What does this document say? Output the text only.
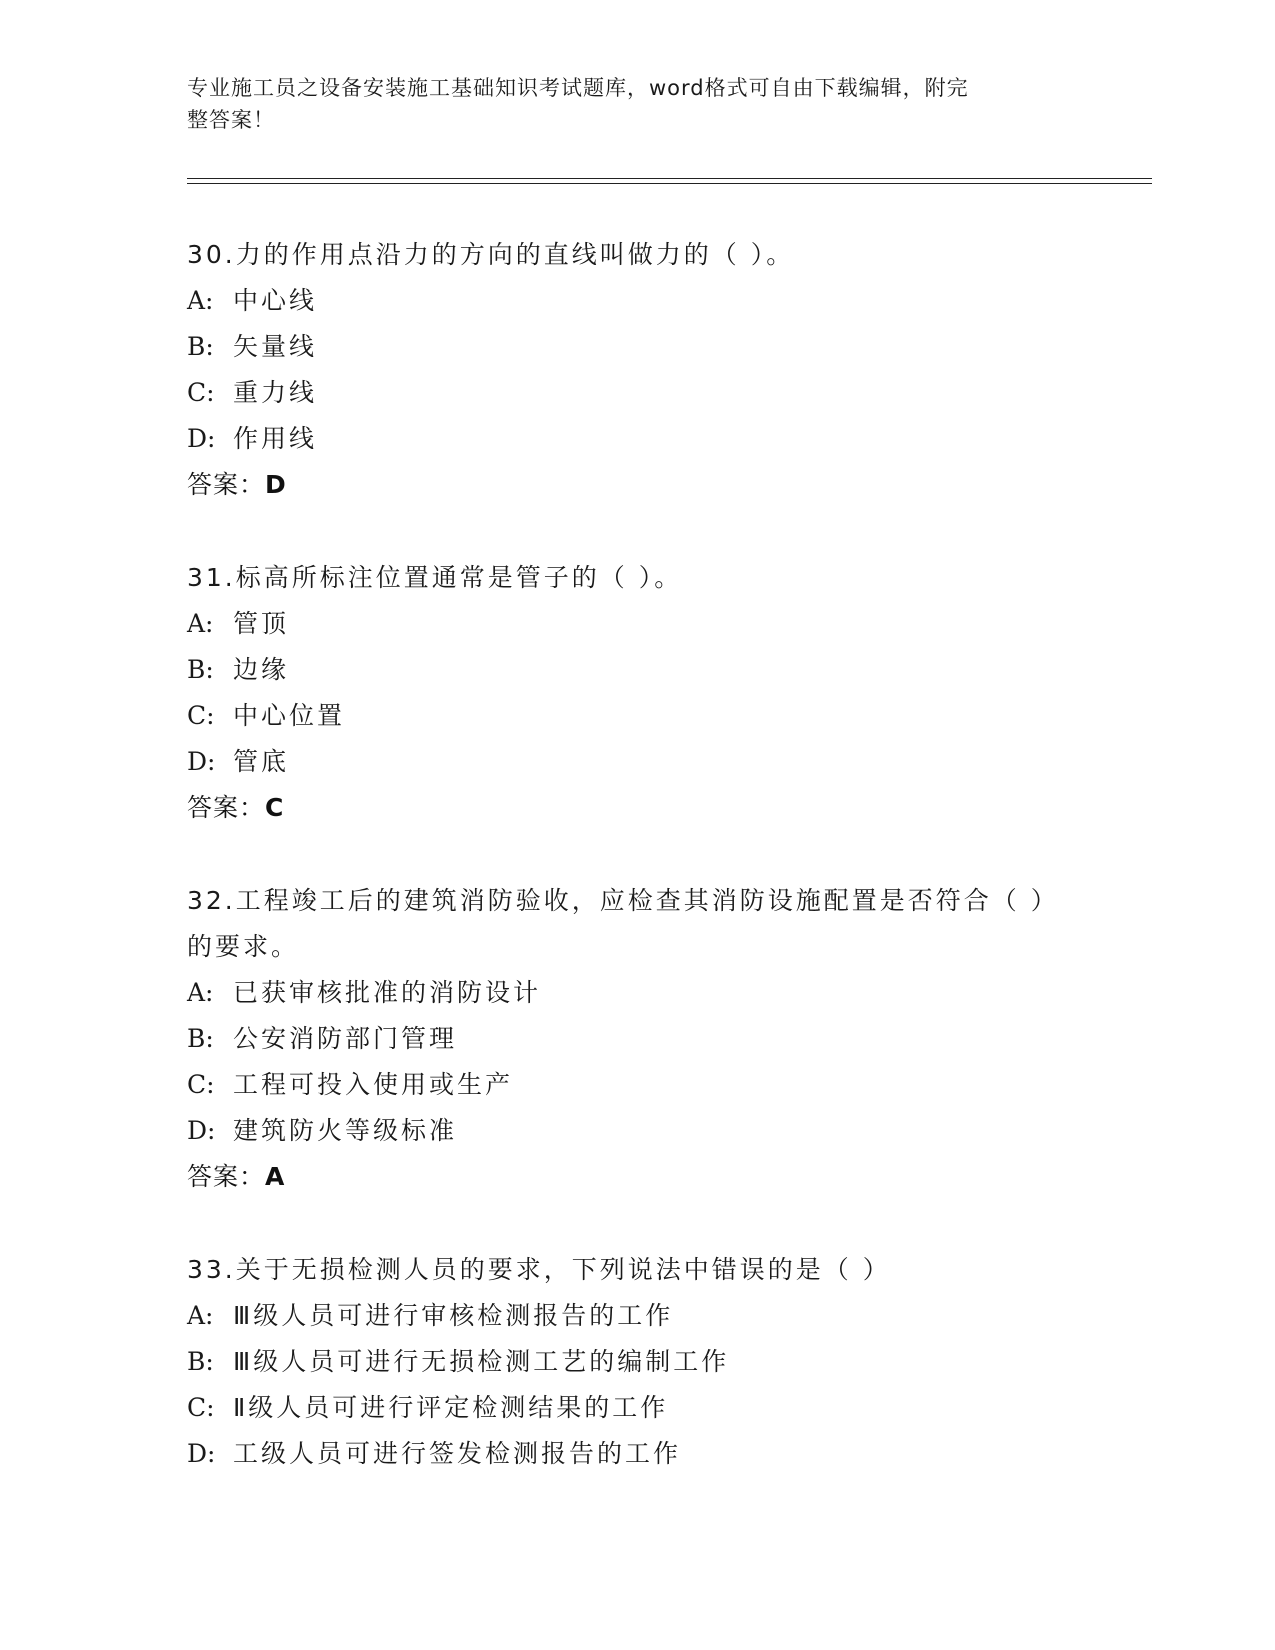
专业施工员之设备安装施工基础知识考试题库，word格式可自由下载编辑，附完
整答案！
30.力的作用点沿力的方向的直线叫做力的（ ）。
A: 中心线
B: 矢量线
C: 重力线
D: 作用线
答案：D
31.标高所标注位置通常是管子的（ ）。
A: 管顶
B: 边缘
C: 中心位置
D: 管底
答案：C
32.工程竣工后的建筑消防验收，应检查其消防设施配置是否符合（ ）的要求。
A: 已获审核批准的消防设计
B: 公安消防部门管理
C: 工程可投入使用或生产
D: 建筑防火等级标准
答案：A
33.关于无损检测人员的要求，下列说法中错误的是（ ）
A: Ⅲ级人员可进行审核检测报告的工作
B: Ⅲ级人员可进行无损检测工艺的编制工作
C: Ⅱ级人员可进行评定检测结果的工作
D: 工级人员可进行签发检测报告的工作
